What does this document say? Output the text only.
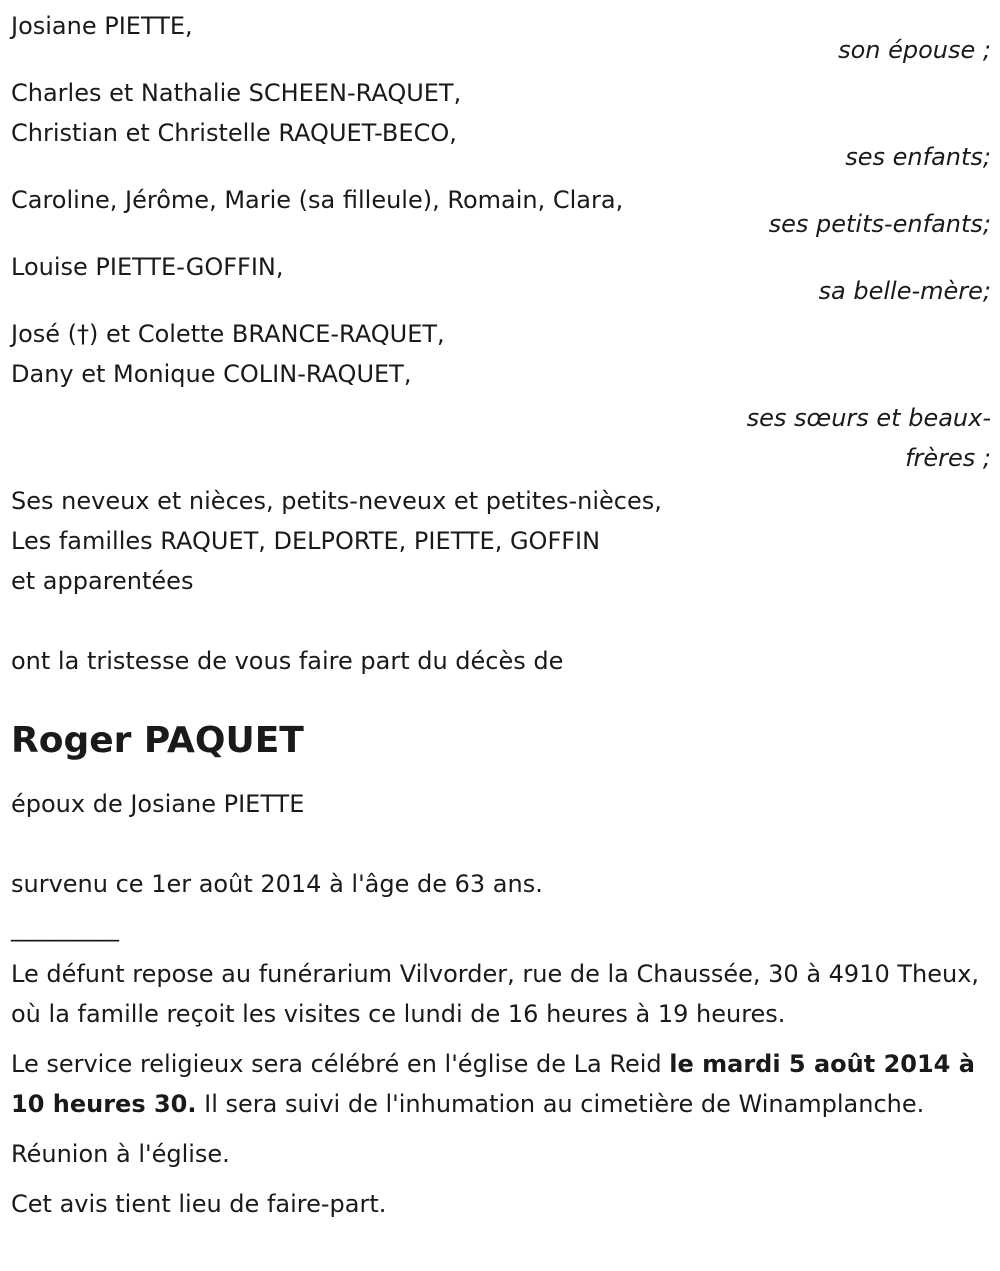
Josiane PIETTE,
son épouse ;
Charles et Nathalie SCHEEN-RAQUET,
Christian et Christelle RAQUET-BECO,
ses enfants;
Caroline, Jérôme, Marie (sa filleule), Romain, Clara,
ses petits-enfants;
Louise PIETTE-GOFFIN,
sa belle-mère;
José (†) et Colette BRANCE-RAQUET,
Dany et Monique COLIN-RAQUET,
ses sœurs et beaux-frères ;
Ses neveux et nièces, petits-neveux et petites-nièces,
Les familles RAQUET, DELPORTE, PIETTE, GOFFIN
et apparentées
ont la tristesse de vous faire part du décès de
Roger PAQUET
époux de Josiane PIETTE
survenu ce 1er août 2014 à l'âge de 63 ans.
_________
Le défunt repose au funérarium Vilvorder, rue de la Chaussée, 30 à 4910 Theux, où la famille reçoit les visites ce lundi de 16 heures à 19 heures.
Le service religieux sera célébré en l'église de La Reid le mardi 5 août 2014 à 10 heures 30. Il sera suivi de l'inhumation au cimetière de Winamplanche.
Réunion à l'église.
Cet avis tient lieu de faire-part.
